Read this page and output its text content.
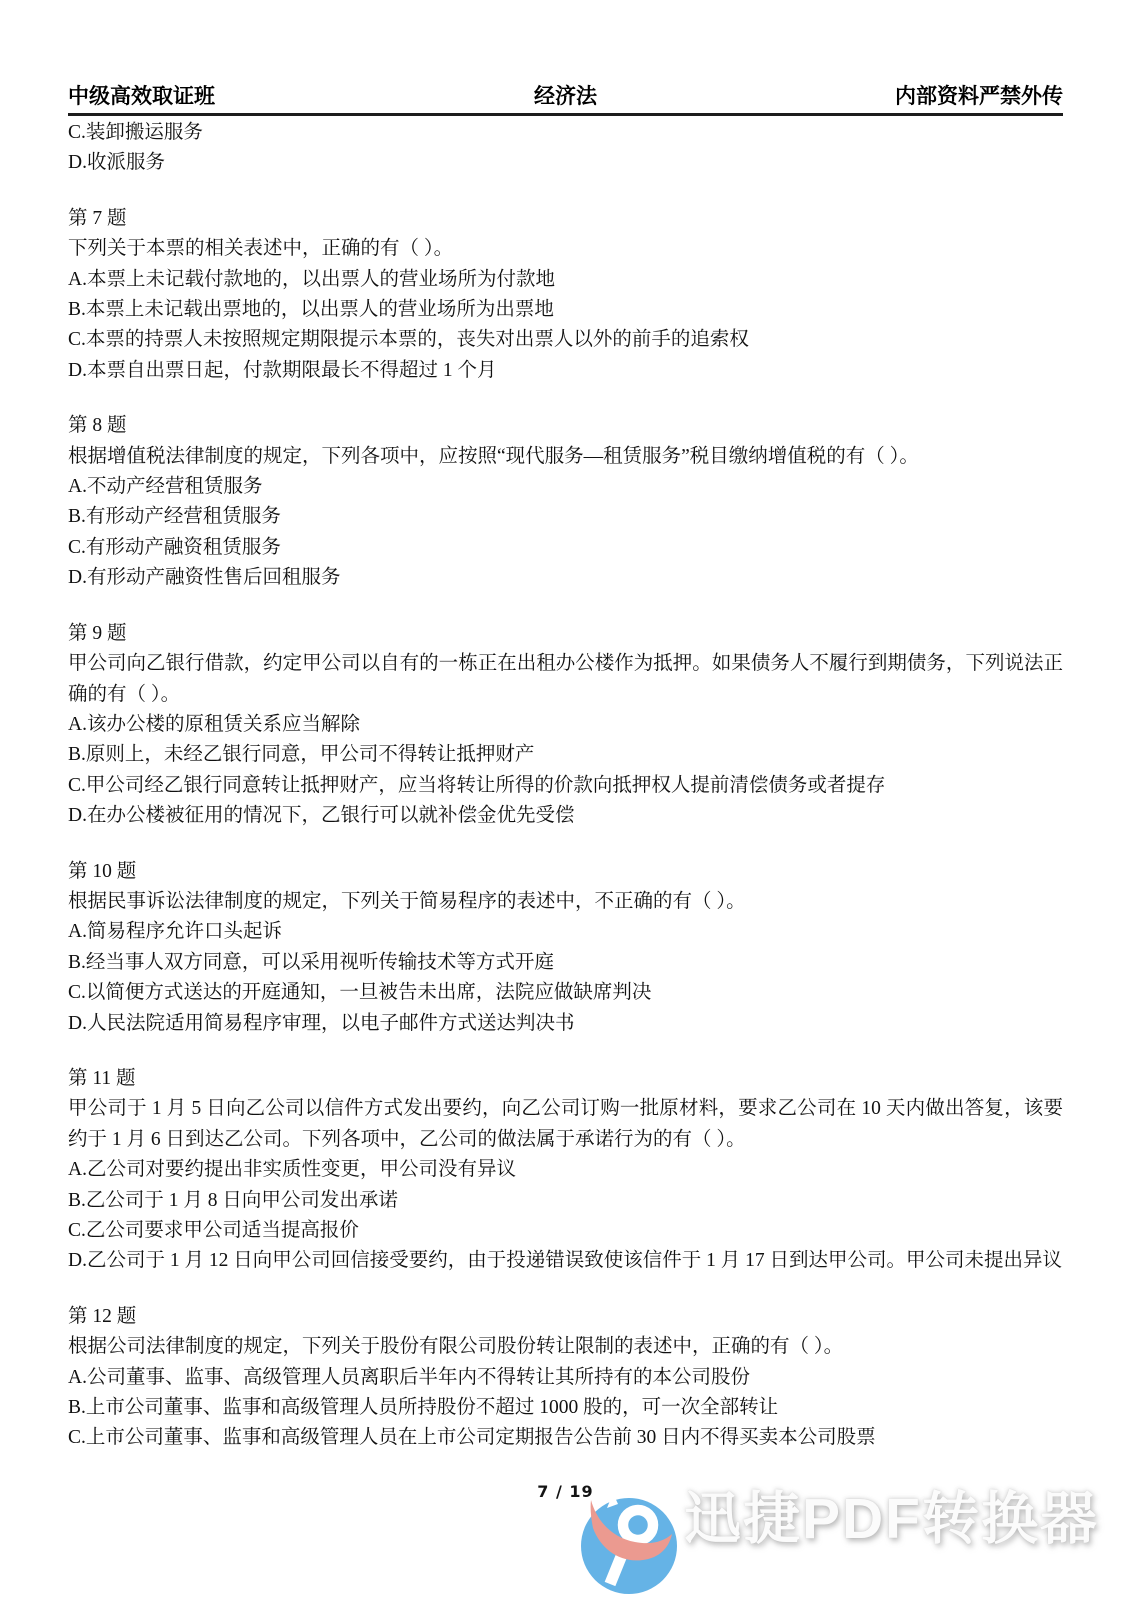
中级高效取证班	经济法	内部资料严禁外传
C.装卸搬运服务
D.收派服务
第 7 题
下列关于本票的相关表述中，正确的有（ ）。
A.本票上未记载付款地的，以出票人的营业场所为付款地
B.本票上未记载出票地的，以出票人的营业场所为出票地
C.本票的持票人未按照规定期限提示本票的，丧失对出票人以外的前手的追索权
D.本票自出票日起，付款期限最长不得超过 1 个月
第 8 题
根据增值税法律制度的规定，下列各项中，应按照“现代服务—租赁服务”税目缴纳增值税的有（ ）。
A.不动产经营租赁服务
B.有形动产经营租赁服务
C.有形动产融资租赁服务
D.有形动产融资性售后回租服务
第 9 题
甲公司向乙银行借款，约定甲公司以自有的一栋正在出租办公楼作为抵押。如果债务人不履行到期债务，下列说法正确的有（ ）。
A.该办公楼的原租赁关系应当解除
B.原则上，未经乙银行同意，甲公司不得转让抵押财产
C.甲公司经乙银行同意转让抵押财产，应当将转让所得的价款向抵押权人提前清偿债务或者提存
D.在办公楼被征用的情况下，乙银行可以就补偿金优先受偿
第 10 题
根据民事诉讼法律制度的规定，下列关于简易程序的表述中，不正确的有（ ）。
A.简易程序允许口头起诉
B.经当事人双方同意，可以采用视听传输技术等方式开庭
C.以简便方式送达的开庭通知，一旦被告未出席，法院应做缺席判决
D.人民法院适用简易程序审理，以电子邮件方式送达判决书
第 11 题
甲公司于 1 月 5 日向乙公司以信件方式发出要约，向乙公司订购一批原材料，要求乙公司在 10 天内做出答复，该要约于 1 月 6 日到达乙公司。下列各项中，乙公司的做法属于承诺行为的有（ ）。
A.乙公司对要约提出非实质性变更，甲公司没有异议
B.乙公司于 1 月 8 日向甲公司发出承诺
C.乙公司要求甲公司适当提高报价
D.乙公司于 1 月 12 日向甲公司回信接受要约，由于投递错误致使该信件于 1 月 17 日到达甲公司。甲公司未提出异议
第 12 题
根据公司法律制度的规定，下列关于股份有限公司股份转让限制的表述中，正确的有（ ）。
A.公司董事、监事、高级管理人员离职后半年内不得转让其所持有的本公司股份
B.上市公司董事、监事和高级管理人员所持股份不超过 1000 股的，可一次全部转让
C.上市公司董事、监事和高级管理人员在上市公司定期报告公告前 30 日内不得买卖本公司股票
7 / 19	迅捷PDF转换器
